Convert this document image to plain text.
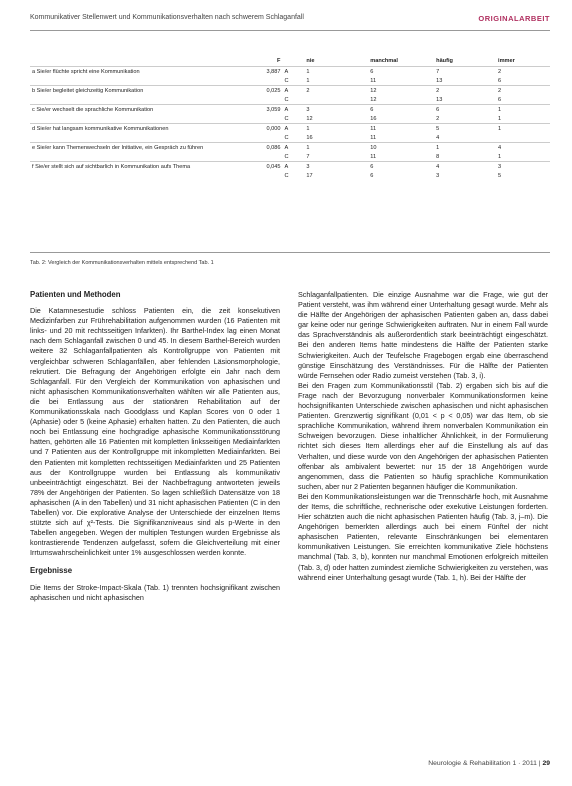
Kommunikativer Stellenwert und Kommunikationsverhalten nach schwerem Schlaganfall	ORIGINALARBEIT
	F		nie	manchmal	häufig	immer
a Sie/er flüchte spricht eine Kommunikation	3,887	A	1	6	7	2
		C	1	11	13	6
b Sie/er begleitet gleichzeitig Kommunikation	0,025	A	2	12	2	2
		C		12	13	6
c Sie/er wechselt die sprachliche Kommunikation	3,059	A	3	6	6	1
		C	12	16	2	1
d Sie/er hat langsam kommunikative Kommunikationen	0,000	A	1	11	5	1
		C	16	11	4	
e Sie/er kann Themenwechseln der Initiative, ein Gespräch zu führen	0,086	A	1	10	1	4
		C	7	11	8	1
f Sie/er stellt sich auf sichtbarlich in Kommunikation aufs Thema	0,045	A	3	6	4	3
		C	17	6	3	5
Tab. 2: Vergleich der Kommunikationsverhalten mittels entsprechend Tab. 1
Patienten und Methoden

Die Katamnesestudie schloss Patienten ein, die zeit konsekutiven Medizinfarben zur Frührehabilitation aufgenommen wurden (16 Patienten mit links- und 20 mit rechtsseitigen Infarkten). Ihr Barthel-Index lag einen Monat nach dem Schlaganfall zwischen 0 und 45. In diesem Barthel-Bereich wurden weitere 32 Schlaganfallpatienten als Kontrollgruppe von Patienten mit vergleichbar schweren Schlaganfällen, aber fehlenden Läsionsmorphologie, rekrutiert. Die Befragung der Angehörigen erfolgte ein Jahr nach dem Schlaganfall. Für den Vergleich der Kommunikation von aphasischen und nicht aphasischen Kommunikationsverhalten wählten wir alle Patienten aus, die bei Entlassung aus der stationären Rehabilitation auf der Kommunikationsskala nach Goodglass und Kaplan Scores von 0 oder 1 (Aphasie) oder 5 (keine Aphasie) erhalten hatten. Zu den Patienten, die auch noch bei Entlassung eine hochgradige aphasische Kommunikationsstörung hatten, gehörten alle 16 Patienten mit kompletten linksseitigen Mediainfarkten und 7 Patienten aus der Kontrollgruppe mit inkompletten Mediainfarkten. Bei den Patienten mit kompletten rechtsseitigen Mediainfarkten und 25 Patienten aus der Kontrollgruppe wurden bei Entlassung als kommunikativ unbeeinträchtigt eingeschätzt. Bei der Nachbefragung antworteten jeweils 78% der Angehörigen der Patienten. So lagen schließlich Datensätze von 18 aphasischen (A in den Tabellen) und 31 nicht aphasischen Patienten (C in den Tabellen) vor. Die explorative Analyse der Unterschiede der einzelnen Items stützte sich auf χ²-Tests. Die Signifikanzniveaus sind als p-Werte in den Tabellen angegeben. Wegen der multiplen Testungen wurden Ergebnisse als kontrastierende Tendenzen aufgefasst, sofern die Gleichverteilung mit einer Irrtumswahrscheinlichkeit unter 1% ausgeschlossen werden konnte.

Ergebnisse

Die Items der Stroke-Impact-Skala (Tab. 1) trennten hochsignifikant zwischen aphasischen und nicht aphasischen

Schlaganfallpatienten. Die einzige Ausnahme war die Frage, wie gut der Patient versteht, was ihm während einer Unterhaltung gesagt wurde. Mehr als die Hälfte der Angehörigen der aphasischen Patienten gaben an, dass dabei gar keine oder nur geringe Schwierigkeiten auftraten. Nur in einem Fall wurde das Sprachverständnis als außerordentlich stark beeinträchtigt eingeschätzt. Bei den anderen Items hatte mindestens die Hälfte der Patienten starke Schwierigkeiten. Auch der Teufelsche Fragebogen ergab eine überraschend günstige Einschätzung des Verständnisses. Für die Hälfte der Patienten würde Fernsehen oder Radio zumeist verstehen (Tab. 3, i).

Bei den Fragen zum Kommunikationsstil (Tab. 2) ergaben sich bis auf die Frage nach der Bevorzugung nonverbaler Kommunikationsformen keine hochsignifikanten Unterschiede zwischen aphasischen und nicht aphasischen Patienten. Grenzwertig signifikant (0,01 < p < 0,05) war das Item, ob sie sprachliche Kommunikation, während ihrem nonverbalen Kommunikation ein Schweigen bevorzugen. Diese inhaltlicher Ähnlichkeit, in der Formulierung richtet sich dieses Item allerdings eher auf die Einstellung als auf das Verhalten, und diese wurde von den Angehörigen der aphasischen Patienten offenbar als ambivalent bewertet: nur 15 der 18 Angehörigen wurde angenommen, dass die Patienten so häufig sprachliche Kommunikation suchen, aber nur 2 Patienten begannen häufiger die Kommunikation.

Bei den Kommunikationsleistungen war die Trennschärfe hoch, mit Ausnahme der Items, die schriftliche, rechnerische oder exekutive Leistungen forderten. Hier schätzten auch die nicht aphasischen Patienten häufig (Tab. 3, j–m). Die Angehörigen bemerkten allerdings auch bei einem Fünftel der nicht aphasischen Patienten, relevante Einschränkungen bei elementaren kommunikativen Leistungen. Sie erreichten kommunikative Ziele höchstens manchmal (Tab. 3, b), konnten nur manchmal Emotionen erfolgreich mitteilen (Tab. 3, d) oder hatten zumindest ziemliche Schwierigkeiten zu verstehen, was während einer Unterhaltung gesagt wurde (Tab. 1, h). Bei der Hälfte der

Neurologie & Rehabilitation 1 · 2011 | 29
